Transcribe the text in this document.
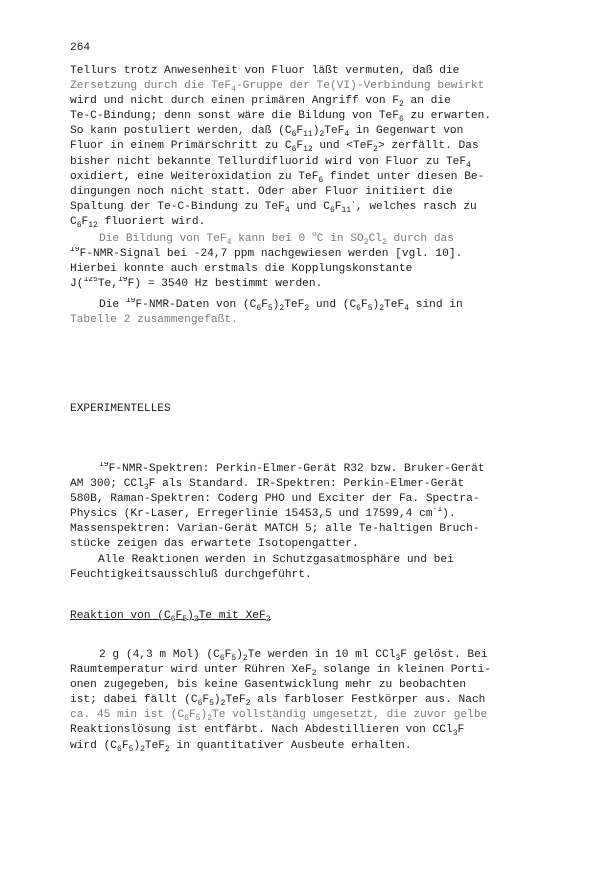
264
Tellurs trotz Anwesenheit von Fluor läßt vermuten, daß die
Zersetzung durch die TeF$_4$-Gruppe der Te(VI)-Verbindung bewirkt
wird und nicht durch einen primären Angriff von $F_2$ an die
Te-C-Bindung; denn sonst wäre die Bildung von TeF$_6$ zu erwarten.
So kann postuliert werden, daß $(C_6F_{11})_2TeF_4$ in Gegenwart von
Fluor in einem Primärschritt zu $C_6F_{12}$ und <TeF$_2$> zerfällt. Das
bisher nicht bekannte Tellurdifluorid wird von Fluor zu TeF$_4$
oxidiert, eine Weiteroxidation zu TeF$_6$ findet unter diesen Be-
dingungen noch nicht statt. Oder aber Fluor initiiert die
Spaltung der Te-C-Bindung zu TeF$_4$ und $C_6F_{11}^\cdot$, welches rasch zu
$C_6F_{12}$ fluoriert wird.
Die Bildung von TeF$_4$ kann bei 0 $^o$C in $SO_2Cl_2$ durch das
$^{19}$F-NMR-Signal bei -24,7 ppm nachgewiesen werden [vgl. 10].
Hierbei konnte auch erstmals die Kopplungskonstante
J($^{125}$Te,$^{19}$F) = 3540 Hz bestimmt werden.
Die $^{19}$F-NMR-Daten von $(C_6F_5)_2TeF_2$ und $(C_6F_5)_2TeF_4$ sind in
Tabelle 2 zusammengefaßt.
EXPERIMENTELLES
$^{19}$F-NMR-Spektren: Perkin-Elmer-Gerät R32 bzw. Bruker-Gerät
AM 300; CCl$_3$F als Standard. IR-Spektren: Perkin-Elmer-Gerät
580B, Raman-Spektren: Coderg PHO und Exciter der Fa. Spectra-
Physics (Kr-Laser, Erregerlinie 15453,5 und 17599,4 $cm^{-1}$).
Massenspektren: Varian-Gerät MATCH 5; alle Te-haltigen Bruch-
stücke zeigen das erwartete Isotopengatter.
Alle Reaktionen werden in Schutzgasatmosphäre und bei
Feuchtigkeitsausschluß durchgeführt.
Reaktion von $(C_6F_5)_2Te$ mit XeF$_2$
2 g (4,3 m Mol) $(C_6F_5)_2Te$ werden in 10 ml CCl$_3$F gelöst. Bei
Raumtemperatur wird unter Rühren XeF$_2$ solange in kleinen Porti-
onen zugegeben, bis keine Gasentwicklung mehr zu beobachten
ist; dabei fällt $(C_6F_5)_2TeF_2$ als farbloser Festkörper aus. Nach
ca. 45 min ist $(C_6F_5)_2Te$ vollständig umgesetzt, die zuvor gelbe
Reaktionslösung ist entfärbt. Nach Abdestillieren von CCl$_3$F
wird $(C_6F_5)_2TeF_2$ in quantitativer Ausbeute erhalten.
